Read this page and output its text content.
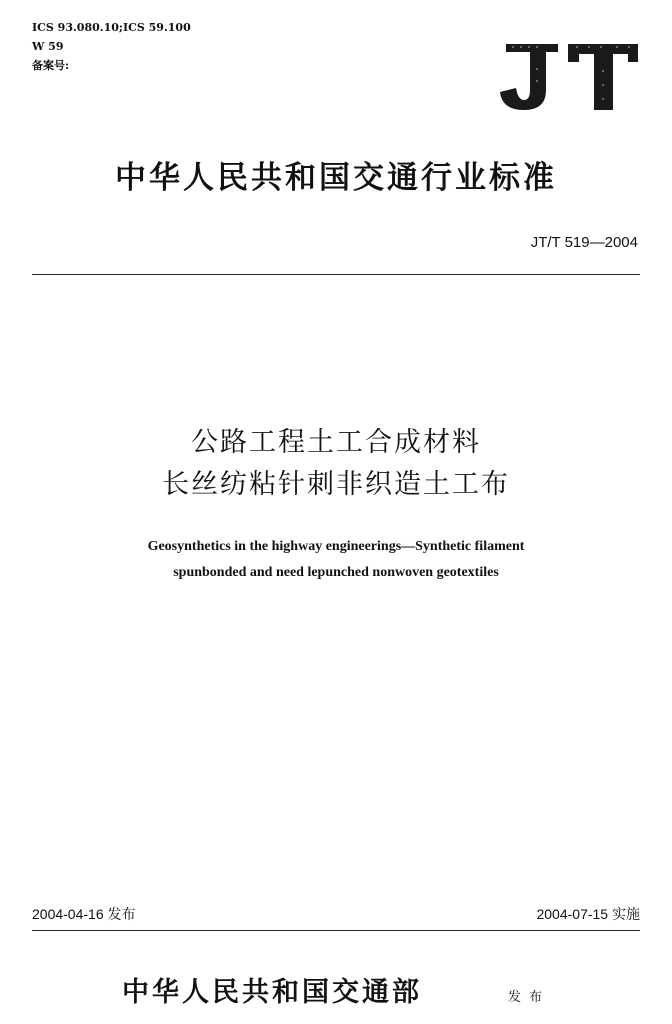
ICS 93.080.10;ICS 59.100
W 59
备案号:
中华人民共和国交通行业标准
JT/T 519—2004
公路工程土工合成材料
长丝纺粘针刺非织造土工布
Geosynthetics in the highway engineerings—Synthetic filament
spunbonded and need lepunched nonwoven geotextiles
2004-04-16 发布	2004-07-15 实施
中华人民共和国交通部	发 布
